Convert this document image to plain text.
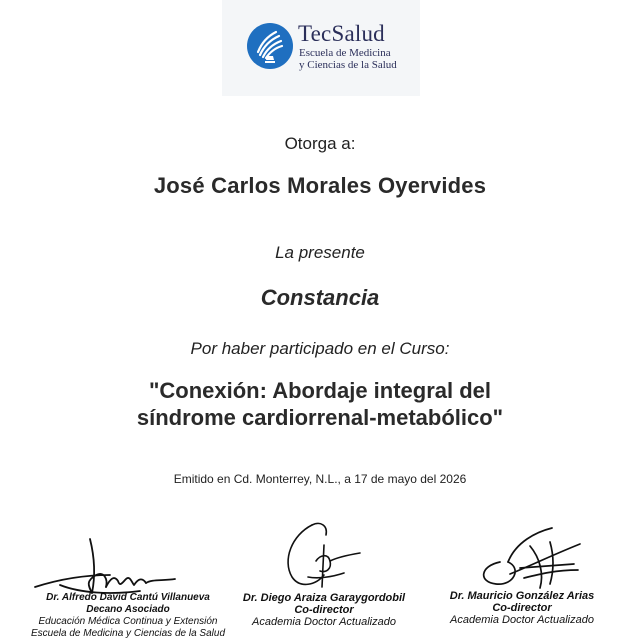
TecSalud
Escuela de Medicina
y Ciencias de la Salud
Otorga a:
José Carlos Morales Oyervides
La presente
Constancia
Por haber participado en el Curso:
"Conexión: Abordaje integral del
síndrome cardiorrenal-metabólico"
Emitido en Cd. Monterrey, N.L., a 17 de mayo del 2026
Dr. Alfredo David Cantú Villanueva
Decano Asociado
Educación Médica Continua y Extensión
Escuela de Medicina y Ciencias de la Salud
Dr. Diego Araiza Garaygordobil
Co-director
Academia Doctor Actualizado
Dr. Mauricio González Arias
Co-director
Academia Doctor Actualizado
